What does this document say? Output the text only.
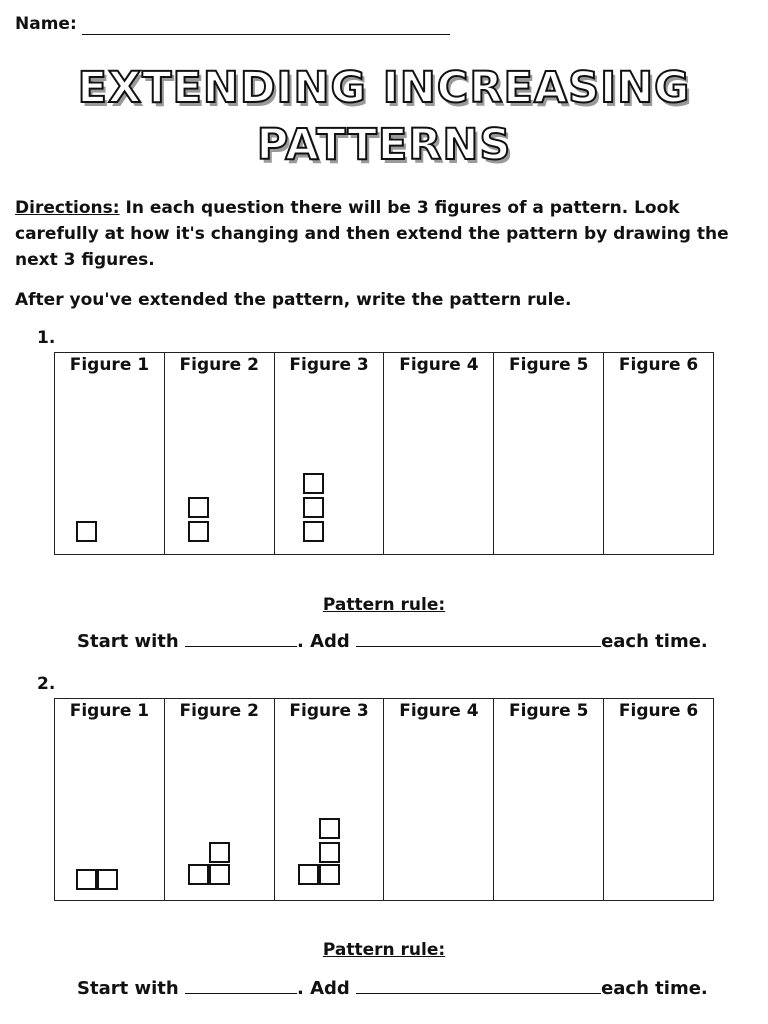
Name:
EXTENDING INCREASING
PATTERNS
Directions: In each question there will be 3 figures of a pattern. Look carefully at how it's changing and then extend the pattern by drawing the next 3 figures.
After you've extended the pattern, write the pattern rule.
1.
Figure 1	Figure 2	Figure 3	Figure 4	Figure 5	Figure 6
Pattern rule:
Start with	. Add	each time.
2.
Figure 1	Figure 2	Figure 3	Figure 4	Figure 5	Figure 6
Pattern rule:
Start with	. Add	each time.
